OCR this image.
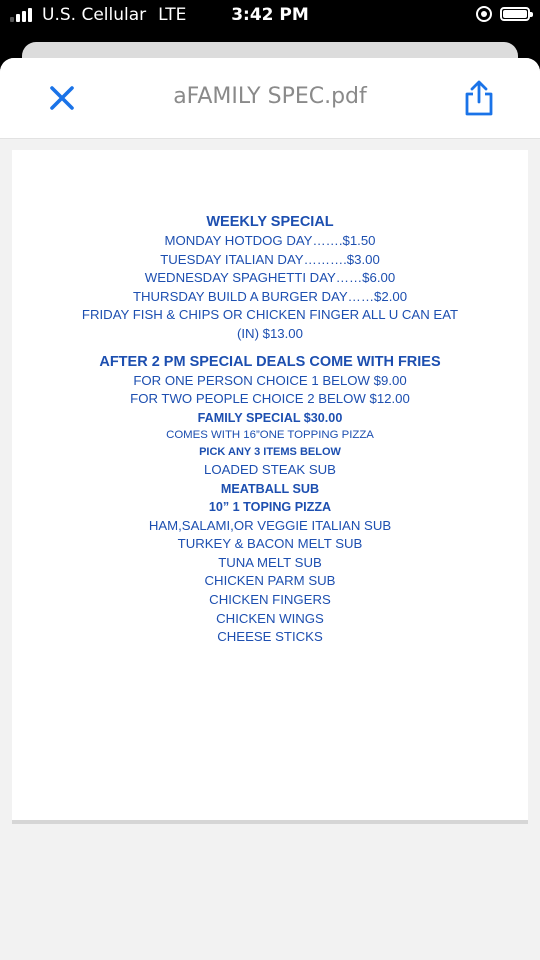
U.S. Cellular LTE	3:42 PM
aFAMILY SPEC.pdf
WEEKLY SPECIAL
MONDAY HOTDOG DAY…….$1.50
TUESDAY ITALIAN DAY……….$3.00
WEDNESDAY SPAGHETTI DAY……$6.00
THURSDAY BUILD A BURGER DAY……$2.00
FRIDAY FISH & CHIPS OR CHICKEN FINGER ALL U CAN EAT
(IN) $13.00
AFTER 2 PM SPECIAL DEALS COME WITH FRIES
FOR ONE PERSON CHOICE 1 BELOW $9.00
FOR TWO PEOPLE CHOICE 2 BELOW $12.00
FAMILY SPECIAL $30.00
COMES WITH 16”ONE TOPPING PIZZA
PICK ANY 3 ITEMS BELOW
LOADED STEAK SUB
MEATBALL SUB
10” 1 TOPING PIZZA
HAM,SALAMI,OR VEGGIE ITALIAN SUB
TURKEY & BACON MELT SUB
TUNA MELT SUB
CHICKEN PARM SUB
CHICKEN FINGERS
CHICKEN WINGS
CHEESE STICKS
